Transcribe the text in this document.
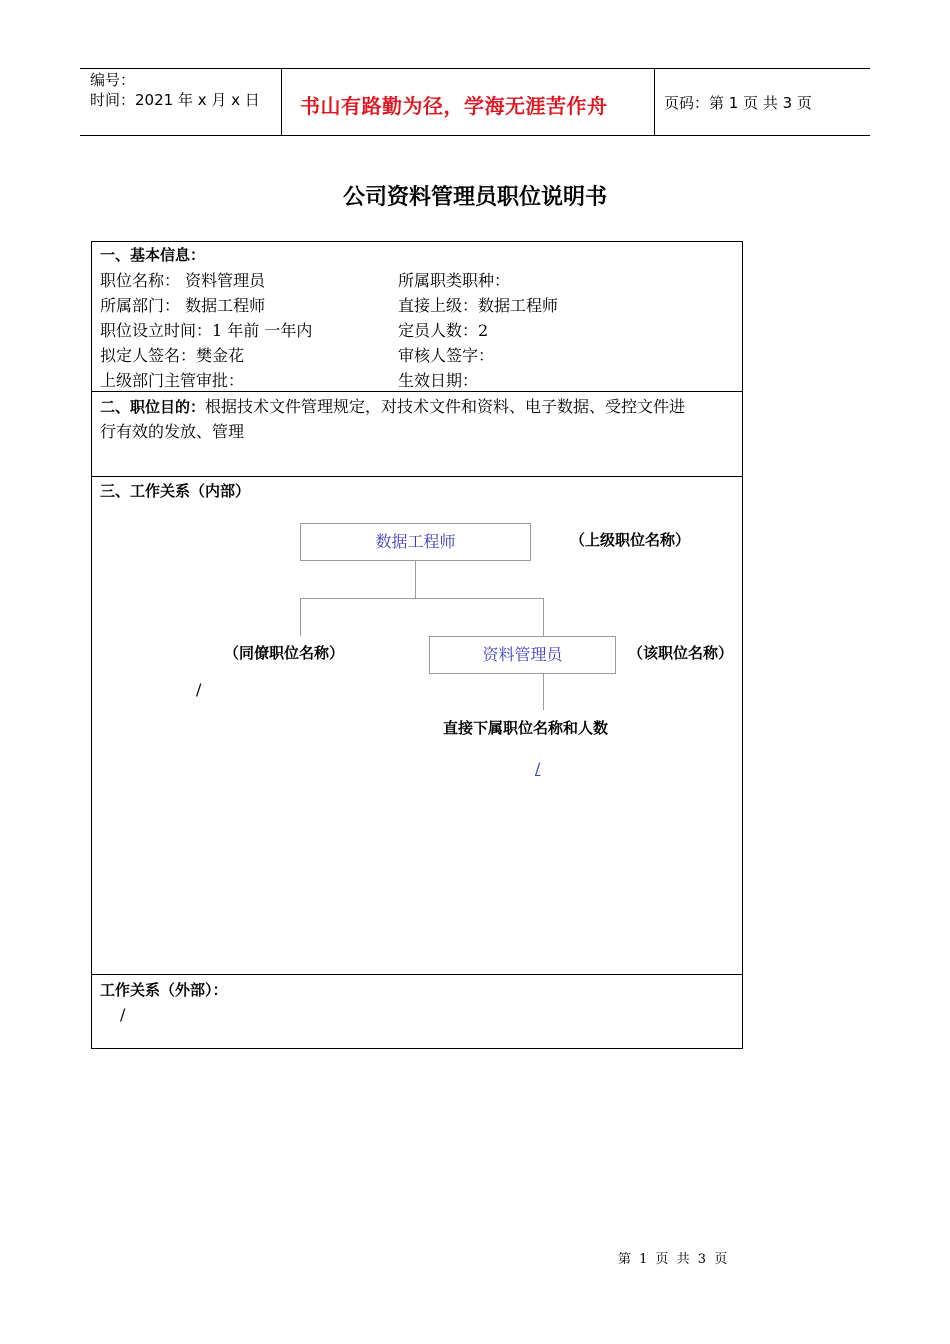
编号：
时间：2021 年 x 月 x 日 书山有路勤为径，学海无涯苦作舟	页码：第 1 页 共 3 页
公司资料管理员职位说明书
一、基本信息：
职位名称： 资料管理员	所属职类职种：
所属部门： 数据工程师	直接上级：数据工程师
职位设立时间：1 年前 一年内	定员人数：2
拟定人签名：樊金花	审核人签字：
上级部门主管审批：	生效日期：
二、职位目的：根据技术文件管理规定，对技术文件和资料、电子数据、受控文件进
行有效的发放、管理
三、工作关系（内部）
数据工程师	（上级职位名称）
（同僚职位名称）
/
资料管理员	（该职位名称）
直接下属职位名称和人数
/
工作关系（外部）：
/
第 1 页 共 3 页
